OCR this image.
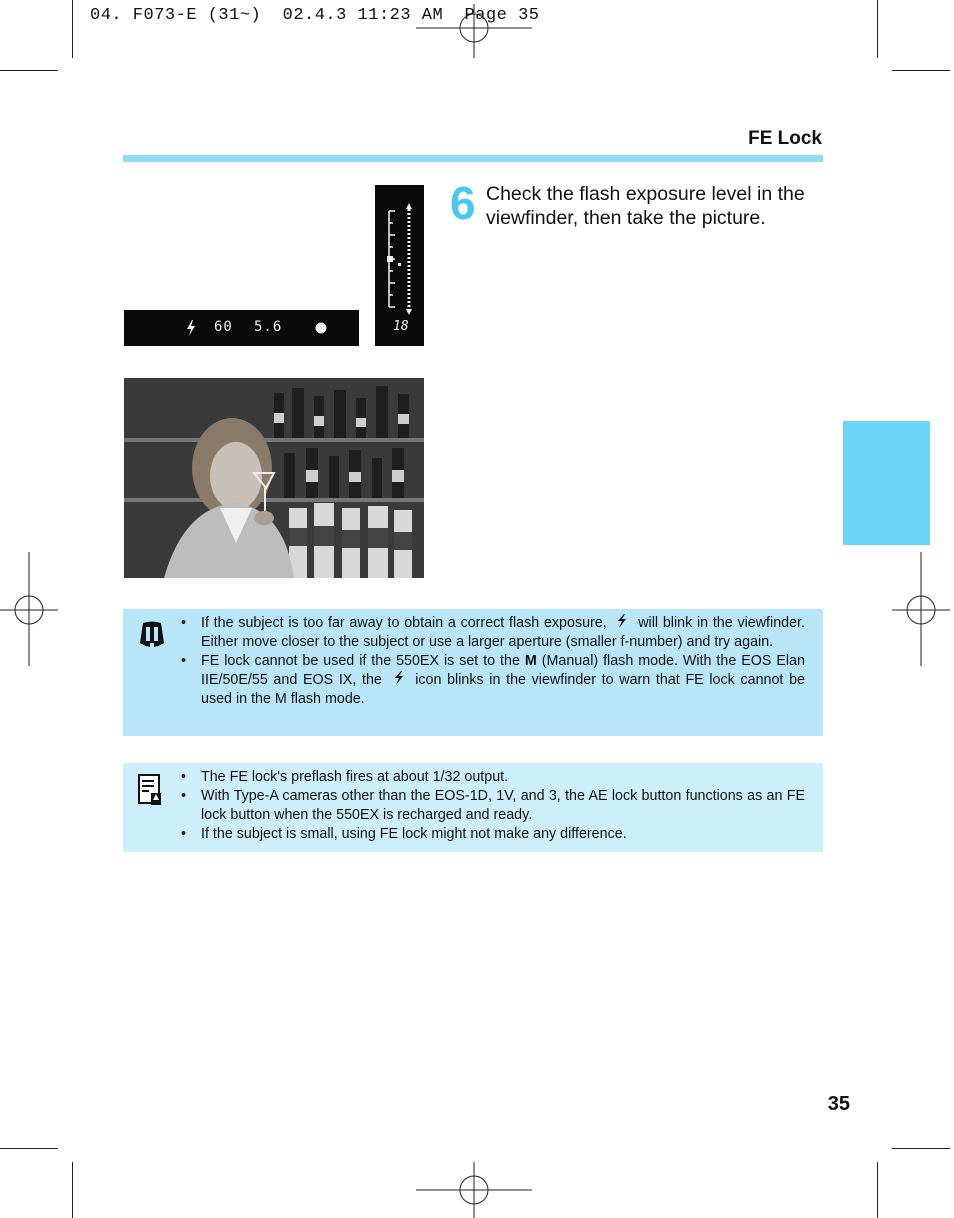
04. F073-E (31~)  02.4.3 11:23 AM  Page 35
FE Lock
60 5.6	18
6 Check the flash exposure level in the viewfinder, then take the picture.
• If the subject is too far away to obtain a correct flash exposure, will blink in the viewfinder. Either move closer to the subject or use a larger aperture (smaller f-number) and try again.
• FE lock cannot be used if the 550EX is set to the M (Manual) flash mode. With the EOS Elan IIE/50E/55 and EOS IX, the icon blinks in the viewfinder to warn that FE lock cannot be used in the M flash mode.
• The FE lock's preflash fires at about 1/32 output.
• With Type-A cameras other than the EOS-1D, 1V, and 3, the AE lock button functions as an FE lock button when the 550EX is recharged and ready.
• If the subject is small, using FE lock might not make any difference.
35
